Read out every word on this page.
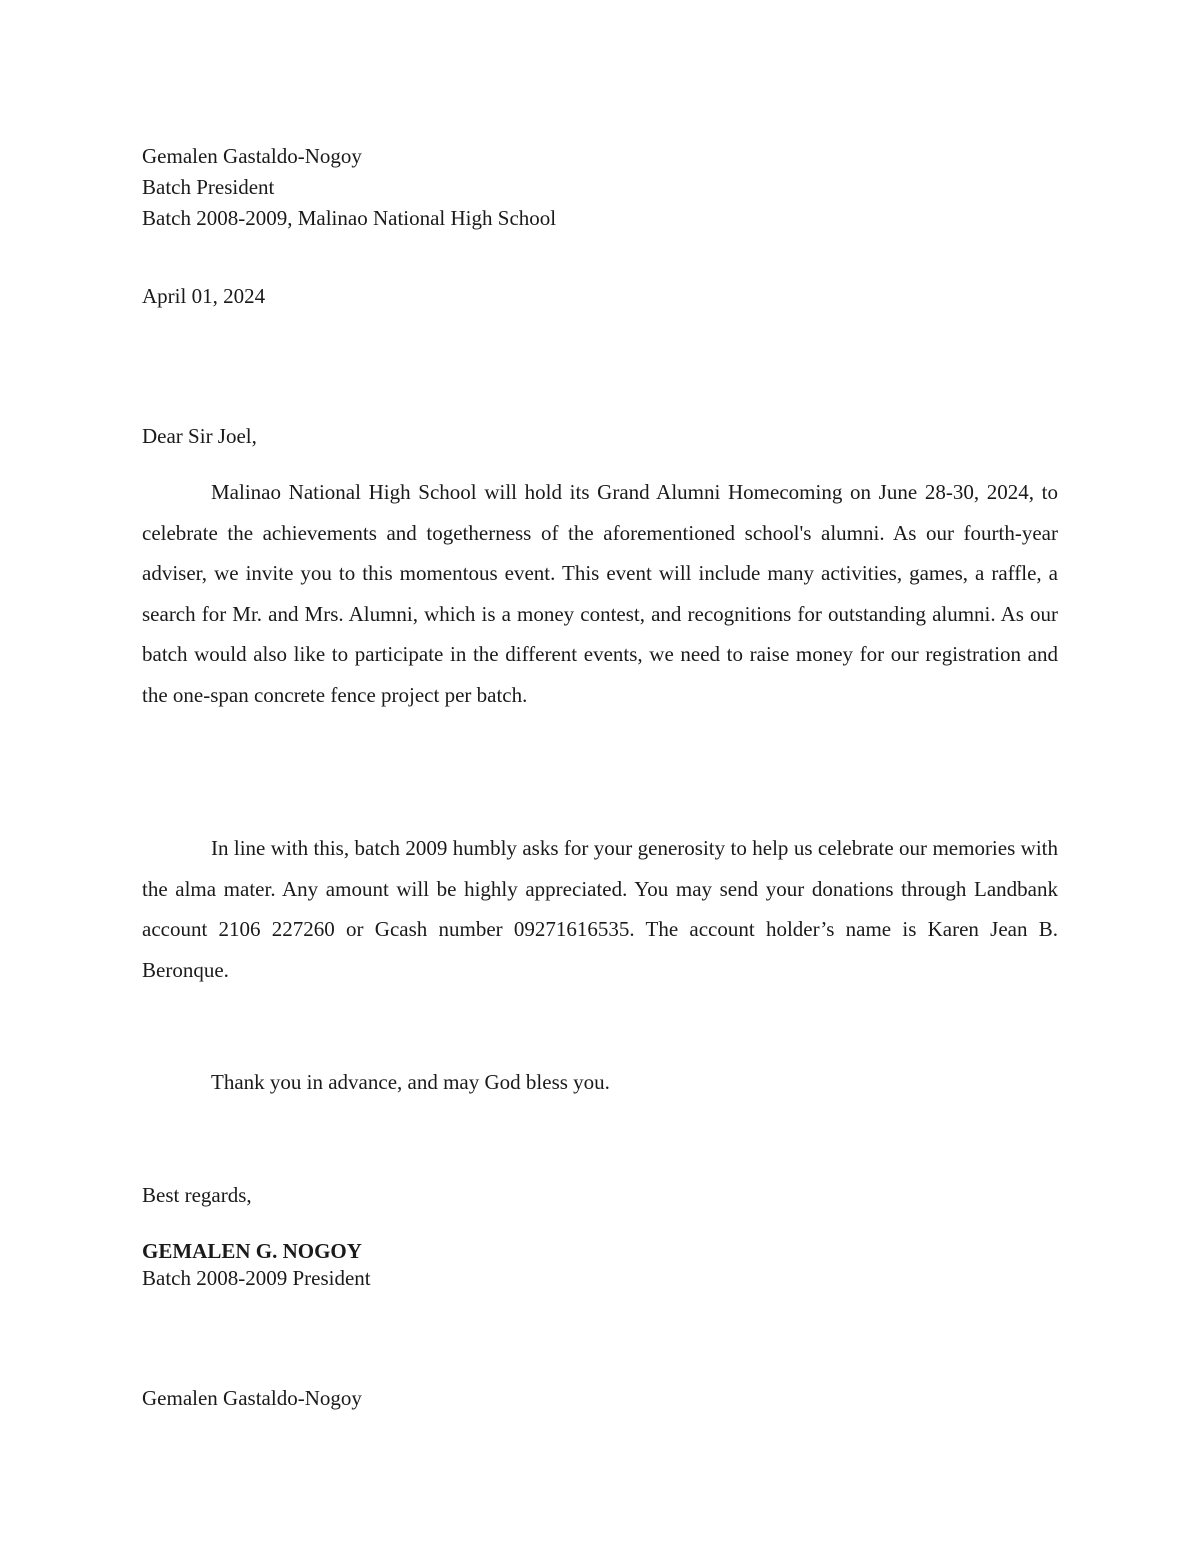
Gemalen Gastaldo-Nogoy
Batch President
Batch 2008-2009, Malinao National High School
April 01, 2024
Dear Sir Joel,
Malinao National High School will hold its Grand Alumni Homecoming on June 28-30, 2024, to celebrate the achievements and togetherness of the aforementioned school's alumni. As our fourth-year adviser, we invite you to this momentous event. This event will include many activities, games, a raffle, a search for Mr. and Mrs. Alumni, which is a money contest, and recognitions for outstanding alumni. As our batch would also like to participate in the different events, we need to raise money for our registration and the one-span concrete fence project per batch.
In line with this, batch 2009 humbly asks for your generosity to help us celebrate our memories with the alma mater. Any amount will be highly appreciated. You may send your donations through Landbank account 2106 227260 or Gcash number 09271616535. The account holder’s name is Karen Jean B. Beronque.
Thank you in advance, and may God bless you.
Best regards,
GEMALEN G. NOGOY
Batch 2008-2009 President
Gemalen Gastaldo-Nogoy
